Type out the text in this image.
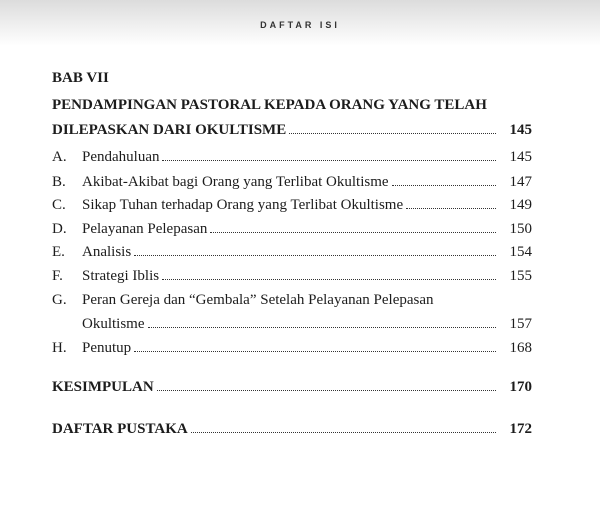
DAFTAR ISI
BAB VII
PENDAMPINGAN PASTORAL KEPADA ORANG YANG TELAH
DILEPASKAN DARI OKULTISME	145
A.	Pendahuluan	145
B.	Akibat-Akibat bagi Orang yang Terlibat Okultisme	147
C.	Sikap Tuhan terhadap Orang yang Terlibat Okultisme	149
D.	Pelayanan Pelepasan	150
E.	Analisis	154
F.	Strategi Iblis	155
G.	Peran Gereja dan “Gembala” Setelah Pelayanan Pelepasan
Okultisme	157
H.	Penutup	168
KESIMPULAN	170
DAFTAR PUSTAKA	172
